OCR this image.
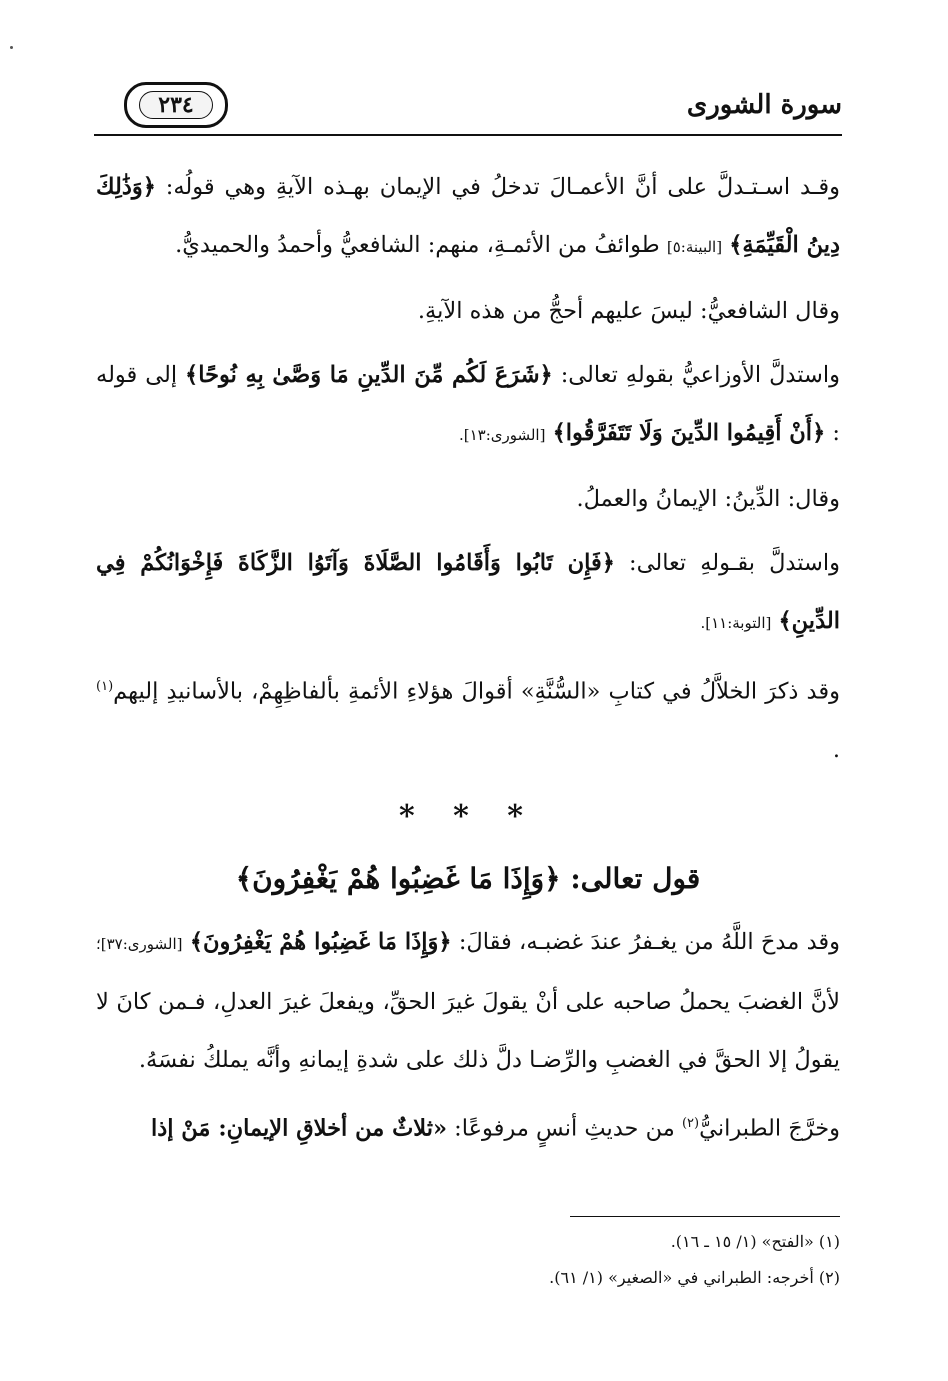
سورة الشورى
٢٣٤

وقـد اسـتـدلَّ على أنَّ الأعمـالَ تدخلُ في الإيمان بهـذه الآيةِ وهي قولُه: ﴿وَذَٰلِكَ دِينُ الْقَيِّمَةِ﴾ [البينة:٥] طوائفُ من الأئمـةِ، منهم: الشافعيُّ وأحمدُ والحميديُّ.

وقال الشافعيُّ: ليسَ عليهم أحجُّ من هذه الآيةِ.

واستدلَّ الأوزاعيُّ بقولهِ تعالى: ﴿شَرَعَ لَكُم مِّنَ الدِّينِ مَا وَصَّىٰ بِهِ نُوحًا﴾ إلى قوله : ﴿أَنْ أَقِيمُوا الدِّينَ وَلَا تَتَفَرَّقُوا﴾ [الشورى:١٣].

وقال: الدِّينُ: الإيمانُ والعملُ.

واستدلَّ بقـولهِ تعالى: ﴿فَإِن تَابُوا وَأَقَامُوا الصَّلَاةَ وَآتَوُا الزَّكَاةَ فَإِخْوَانُكُمْ فِي الدِّينِ﴾ [التوبة:١١].

وقد ذكرَ الخلاَّلُ في كتابِ «السُّنَّةِ» أقوالَ هؤلاءِ الأئمةِ بألفاظِهِمْ، بالأسانيدِ إليهم$^{(١)}$ .

* * *
قول تعالى: ﴿وَإِذَا مَا غَضِبُوا هُمْ يَغْفِرُونَ﴾

وقد مدحَ اللَّهُ من يغـفرُ عندَ غضبـه، فقالَ: ﴿وَإِذَا مَا غَضِبُوا هُمْ يَغْفِرُونَ﴾ [الشورى:٣٧]؛ لأنَّ الغضبَ يحملُ صاحبه على أنْ يقولَ غيرَ الحقِّ، ويفعلَ غيرَ العدلِ، فـمن كانَ لا يقولُ إلا الحقَّ في الغضبِ والرِّضـا دلَّ ذلك على شدةِ إيمانهِ وأنَّه يملكُ نفسَهُ.

وخرَّجَ الطبرانيُّ$^{(٢)}$ من حديثِ أنسٍ مرفوعًا: «ثلاثٌ من أخلاقِ الإيمانِ: مَنْ إذا

(١) «الفتح» (١/ ١٥ ـ ١٦).
(٢) أخرجه: الطبراني في «الصغير» (١/ ٦١).
